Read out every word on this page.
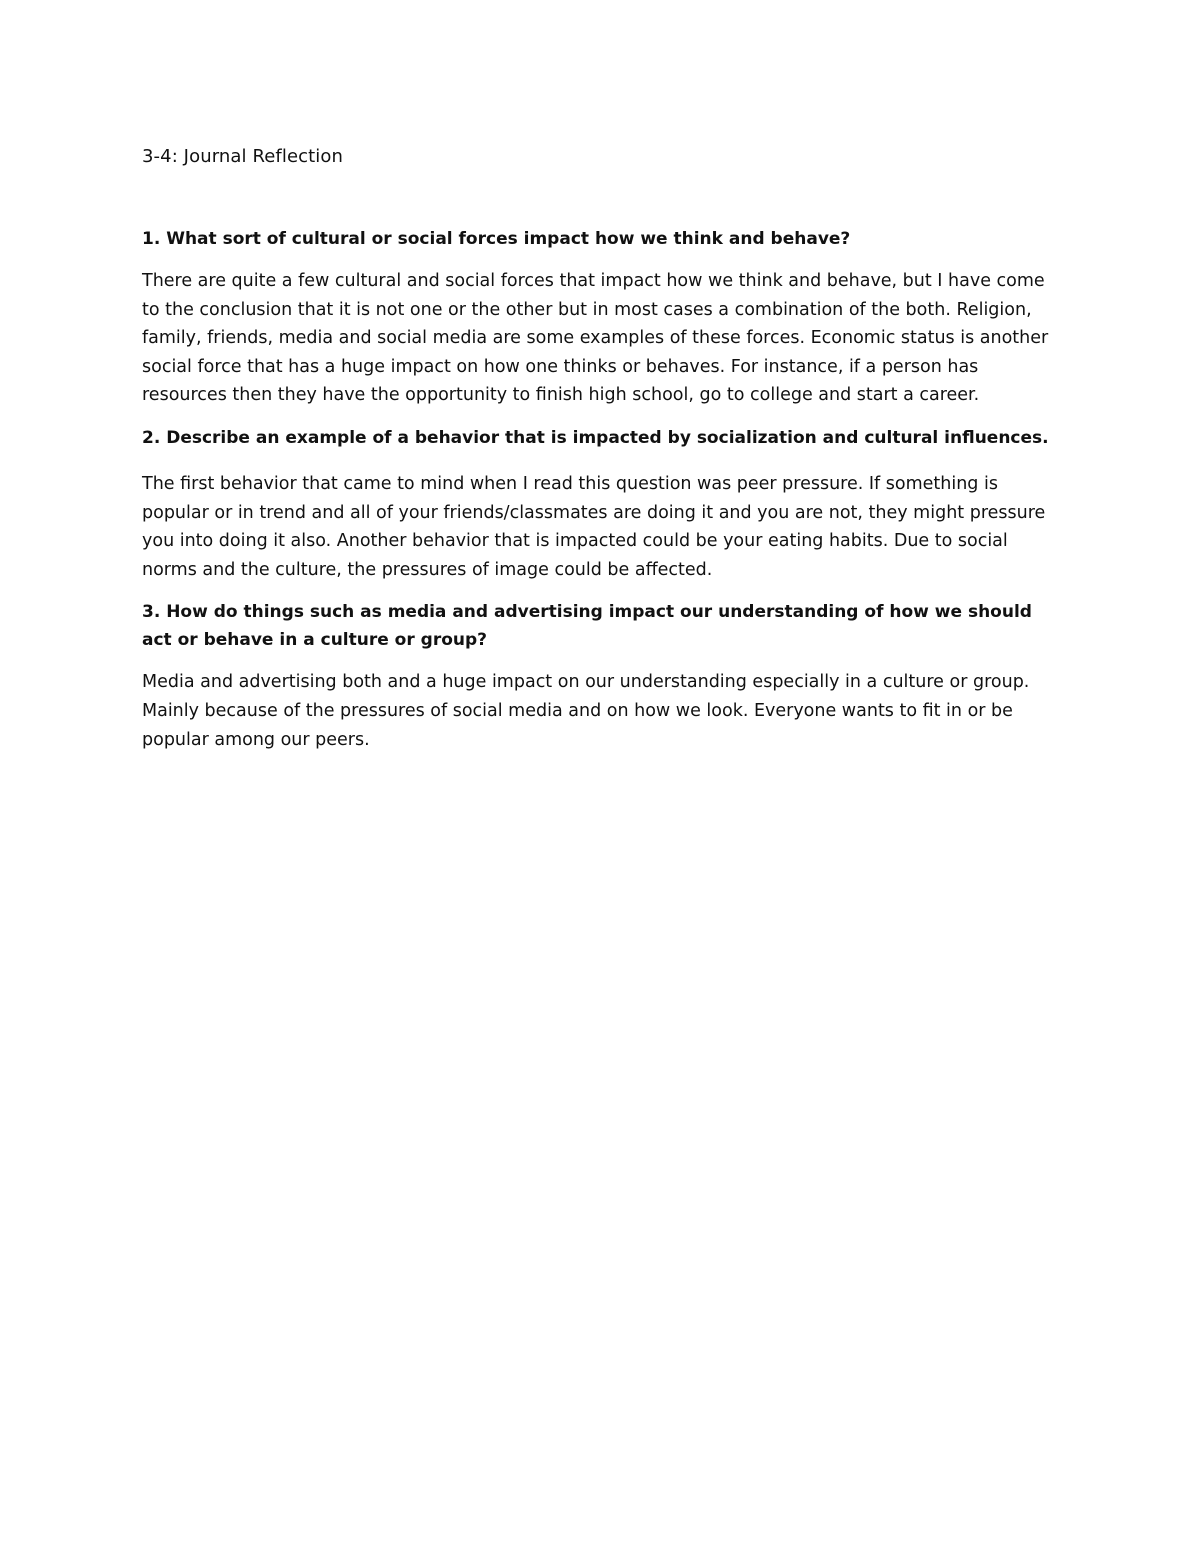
3-4: Journal Reflection

1. What sort of cultural or social forces impact how we think and behave?

There are quite a few cultural and social forces that impact how we think and behave, but I have come to the conclusion that it is not one or the other but in most cases a combination of the both. Religion, family, friends, media and social media are some examples of these forces. Economic status is another social force that has a huge impact on how one thinks or behaves. For instance, if a person has resources then they have the opportunity to finish high school, go to college and start a career.

2. Describe an example of a behavior that is impacted by socialization and cultural influences.

The first behavior that came to mind when I read this question was peer pressure. If something is popular or in trend and all of your friends/classmates are doing it and you are not, they might pressure you into doing it also. Another behavior that is impacted could be your eating habits. Due to social norms and the culture, the pressures of image could be affected.

3. How do things such as media and advertising impact our understanding of how we should act or behave in a culture or group?

Media and advertising both and a huge impact on our understanding especially in a culture or group. Mainly because of the pressures of social media and on how we look. Everyone wants to fit in or be popular among our peers.
